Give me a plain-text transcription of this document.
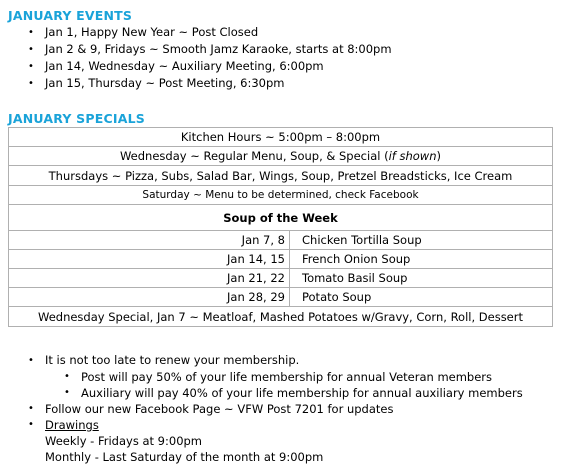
JANUARY EVENTS
• Jan 1, Happy New Year ~ Post Closed
• Jan 2 & 9, Fridays ~ Smooth Jamz Karaoke, starts at 8:00pm
• Jan 14, Wednesday ~ Auxiliary Meeting, 6:00pm
• Jan 15, Thursday ~ Post Meeting, 6:30pm
JANUARY SPECIALS
Kitchen Hours ~ 5:00pm – 8:00pm	
Wednesday ~ Regular Menu, Soup, & Special (if shown)	
Thursdays ~ Pizza, Subs, Salad Bar, Wings, Soup, Pretzel Breadsticks, Ice Cream	
Saturday ~ Menu to be determined, check Facebook	
Soup of the Week	
Jan 7, 8	Chicken Tortilla Soup
Jan 14, 15	French Onion Soup
Jan 21, 22	Tomato Basil Soup
Jan 28, 29	Potato Soup
Wednesday Special, Jan 7 ~ Meatloaf, Mashed Potatoes w/Gravy, Corn, Roll, Dessert	
• It is not too late to renew your membership.
• Post will pay 50% of your life membership for annual Veteran members
• Auxiliary will pay 40% of your life membership for annual auxiliary members
• Follow our new Facebook Page ~ VFW Post 7201 for updates
• Drawings
Weekly - Fridays at 9:00pm
Monthly - Last Saturday of the month at 9:00pm
